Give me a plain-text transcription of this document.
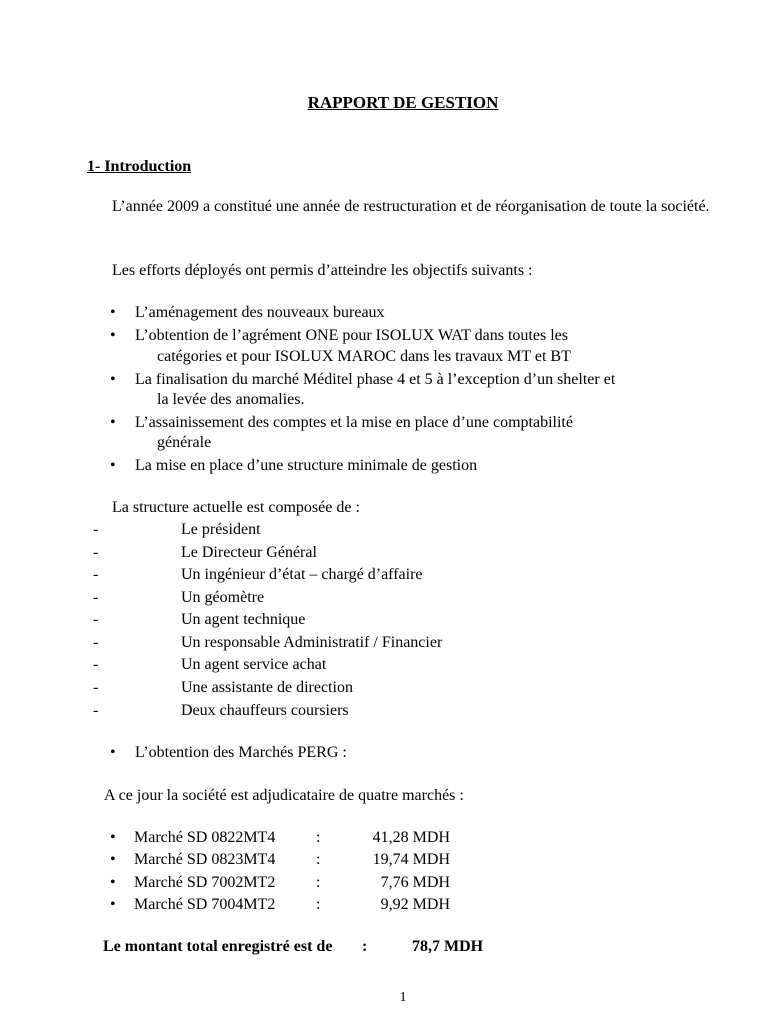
RAPPORT DE GESTION
1- Introduction
L’année 2009 a constitué une année de restructuration et de réorganisation de toute la société.
Les efforts déployés ont permis d’atteindre les objectifs suivants :
•	L’aménagement des nouveaux bureaux
•	L’obtention de l’agrément ONE pour ISOLUX WAT dans toutes les
catégories et pour ISOLUX MAROC dans les travaux MT et BT
•	La finalisation du marché Méditel phase 4 et 5 à l’exception d’un shelter et
la levée des anomalies.
•	L’assainissement des comptes et la mise en place d’une comptabilité
générale
•	La mise en place d’une structure minimale de gestion
La structure actuelle est composée de :
-	Le président
-	Le Directeur Général
-	Un ingénieur d’état – chargé d’affaire
-	Un géomètre
-	Un agent technique
-	Un responsable Administratif / Financier
-	Un agent service achat
-	Une assistante de direction
-	Deux chauffeurs coursiers
•	L’obtention des Marchés PERG :
A ce jour la société est adjudicataire de quatre marchés :
• Marché SD 0822MT4	:	41,28 MDH
• Marché SD 0823MT4	:	19,74 MDH
• Marché SD 7002MT2	:	7,76 MDH
• Marché SD 7004MT2	:	9,92 MDH
Le montant total enregistré est de :	78,7 MDH
1
